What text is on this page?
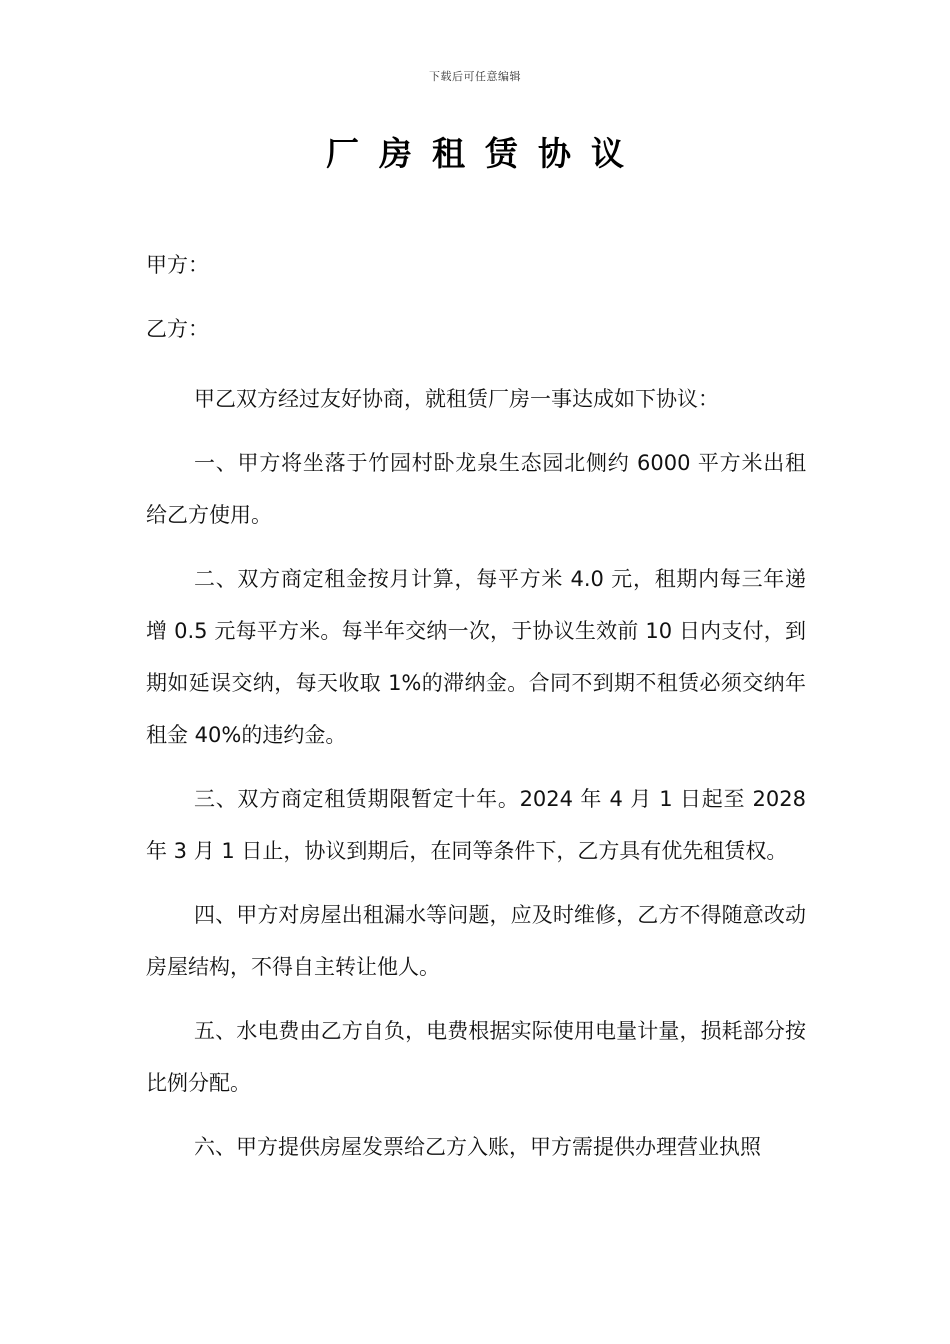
下载后可任意编辑
厂房租赁协议

甲方：

乙方：

甲乙双方经过友好协商，就租赁厂房一事达成如下协议：

一、甲方将坐落于竹园村卧龙泉生态园北侧约 6000 平方米出租给乙方使用。

二、双方商定租金按月计算，每平方米 4.0 元，租期内每三年递增 0.5 元每平方米。每半年交纳一次，于协议生效前 10 日内支付，到期如延误交纳，每天收取 1%的滞纳金。合同不到期不租赁必须交纳年租金 40%的违约金。

三、双方商定租赁期限暂定十年。2024 年 4 月 1 日起至 2028 年 3 月 1 日止，协议到期后，在同等条件下，乙方具有优先租赁权。

四、甲方对房屋出租漏水等问题，应及时维修，乙方不得随意改动房屋结构，不得自主转让他人。

五、水电费由乙方自负，电费根据实际使用电量计量，损耗部分按比例分配。

六、甲方提供房屋发票给乙方入账，甲方需提供办理营业执照
